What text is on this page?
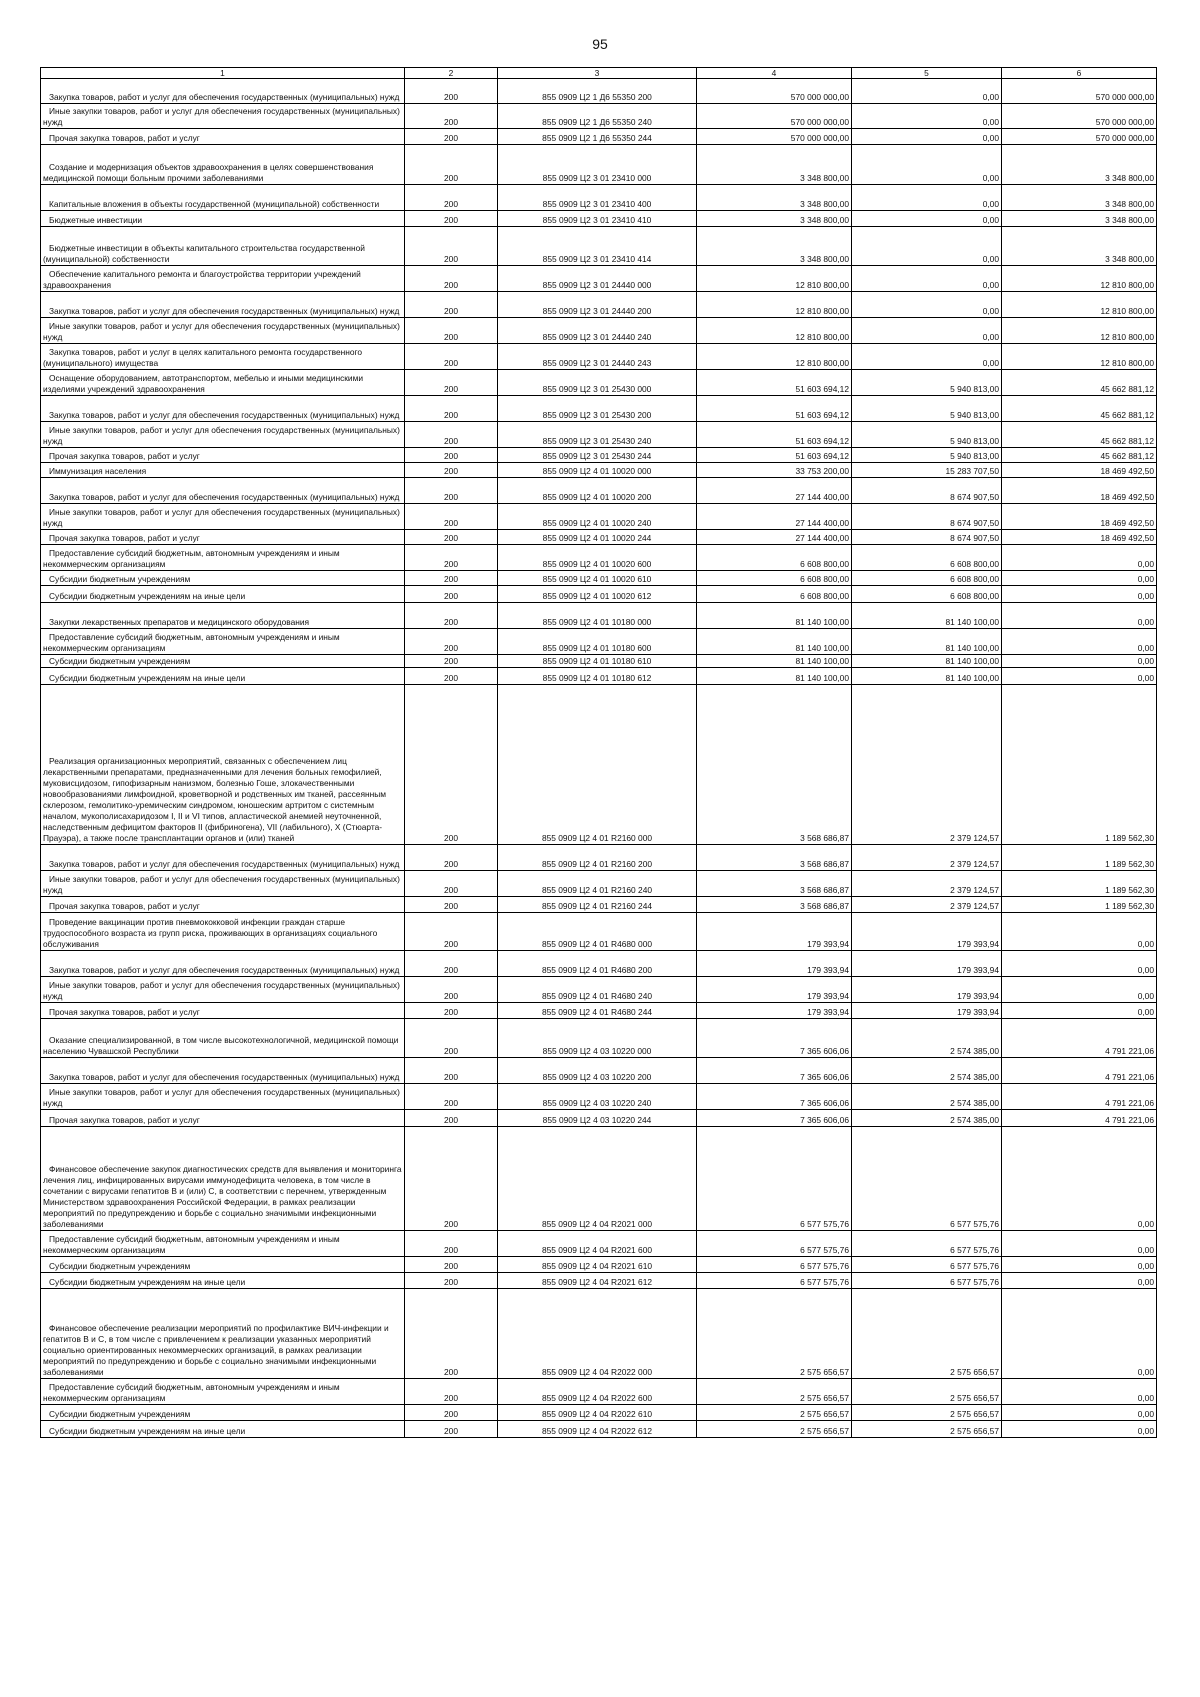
95
1	2	3	4	5	6

Закупка товаров, работ и услуг для обеспечения государственных (муниципальных) нужд	200	855 0909 Ц2 1 Д6 55350 200	570 000 000,00	0,00	570 000 000,00

Иные закупки товаров, работ и услуг для обеспечения государственных (муниципальных) нужд	200	855 0909 Ц2 1 Д6 55350 240	570 000 000,00	0,00	570 000 000,00

Прочая закупка товаров, работ и услуг	200	855 0909 Ц2 1 Д6 55350 244	570 000 000,00	0,00	570 000 000,00

Создание и модернизация объектов здравоохранения в целях совершенствования медицинской помощи больным прочими заболеваниями	200	855 0909 Ц2 3 01 23410 000	3 348 800,00	0,00	3 348 800,00

Капитальные вложения в объекты государственной (муниципальной) собственности	200	855 0909 Ц2 3 01 23410 400	3 348 800,00	0,00	3 348 800,00

Бюджетные инвестиции	200	855 0909 Ц2 3 01 23410 410	3 348 800,00	0,00	3 348 800,00

Бюджетные инвестиции в объекты капитального строительства государственной (муниципальной) собственности	200	855 0909 Ц2 3 01 23410 414	3 348 800,00	0,00	3 348 800,00

Обеспечение капитального ремонта и благоустройства территории учреждений здравоохранения	200	855 0909 Ц2 3 01 24440 000	12 810 800,00	0,00	12 810 800,00

Закупка товаров, работ и услуг для обеспечения государственных (муниципальных) нужд	200	855 0909 Ц2 3 01 24440 200	12 810 800,00	0,00	12 810 800,00

Иные закупки товаров, работ и услуг для обеспечения государственных (муниципальных) нужд	200	855 0909 Ц2 3 01 24440 240	12 810 800,00	0,00	12 810 800,00

Закупка товаров, работ и услуг в целях капитального ремонта государственного (муниципального) имущества	200	855 0909 Ц2 3 01 24440 243	12 810 800,00	0,00	12 810 800,00

Оснащение оборудованием, автотранспортом, мебелью и иными медицинскими изделиями учреждений здравоохранения	200	855 0909 Ц2 3 01 25430 000	51 603 694,12	5 940 813,00	45 662 881,12

Закупка товаров, работ и услуг для обеспечения государственных (муниципальных) нужд	200	855 0909 Ц2 3 01 25430 200	51 603 694,12	5 940 813,00	45 662 881,12

Иные закупки товаров, работ и услуг для обеспечения государственных (муниципальных) нужд	200	855 0909 Ц2 3 01 25430 240	51 603 694,12	5 940 813,00	45 662 881,12

Прочая закупка товаров, работ и услуг	200	855 0909 Ц2 3 01 25430 244	51 603 694,12	5 940 813,00	45 662 881,12

Иммунизация населения	200	855 0909 Ц2 4 01 10020 000	33 753 200,00	15 283 707,50	18 469 492,50

Закупка товаров, работ и услуг для обеспечения государственных (муниципальных) нужд	200	855 0909 Ц2 4 01 10020 200	27 144 400,00	8 674 907,50	18 469 492,50

Иные закупки товаров, работ и услуг для обеспечения государственных (муниципальных) нужд	200	855 0909 Ц2 4 01 10020 240	27 144 400,00	8 674 907,50	18 469 492,50

Прочая закупка товаров, работ и услуг	200	855 0909 Ц2 4 01 10020 244	27 144 400,00	8 674 907,50	18 469 492,50

Предоставление субсидий бюджетным, автономным учреждениям и иным некоммерческим организациям	200	855 0909 Ц2 4 01 10020 600	6 608 800,00	6 608 800,00	0,00

Субсидии бюджетным учреждениям	200	855 0909 Ц2 4 01 10020 610	6 608 800,00	6 608 800,00	0,00

Субсидии бюджетным учреждениям на иные цели	200	855 0909 Ц2 4 01 10020 612	6 608 800,00	6 608 800,00	0,00

Закупки лекарственных препаратов и медицинского оборудования	200	855 0909 Ц2 4 01 10180 000	81 140 100,00	81 140 100,00	0,00

Предоставление субсидий бюджетным, автономным учреждениям и иным некоммерческим организациям	200	855 0909 Ц2 4 01 10180 600	81 140 100,00	81 140 100,00	0,00

Субсидии бюджетным учреждениям	200	855 0909 Ц2 4 01 10180 610	81 140 100,00	81 140 100,00	0,00

Субсидии бюджетным учреждениям на иные цели	200	855 0909 Ц2 4 01 10180 612	81 140 100,00	81 140 100,00	0,00

Реализация организационных мероприятий, связанных с обеспечением лиц лекарственными препаратами, предназначенными для лечения больных гемофилией, муковисцидозом, гипофизарным нанизмом, болезнью Гоше, злокачественными новообразованиями лимфоидной, кроветворной и родственных им тканей, рассеянным склерозом, гемолитико-уремическим синдромом, юношеским артритом с системным началом, мукополисахаридозом I, II и VI типов, апластической анемией неуточненной, наследственным дефицитом факторов II (фибриногена), VII (лабильного), X (Стюарта-Прауэра), а также после трансплантации органов и (или) тканей	200	855 0909 Ц2 4 01 R2160 000	3 568 686,87	2 379 124,57	1 189 562,30

Закупка товаров, работ и услуг для обеспечения государственных (муниципальных) нужд	200	855 0909 Ц2 4 01 R2160 200	3 568 686,87	2 379 124,57	1 189 562,30

Иные закупки товаров, работ и услуг для обеспечения государственных (муниципальных) нужд	200	855 0909 Ц2 4 01 R2160 240	3 568 686,87	2 379 124,57	1 189 562,30

Прочая закупка товаров, работ и услуг	200	855 0909 Ц2 4 01 R2160 244	3 568 686,87	2 379 124,57	1 189 562,30

Проведение вакцинации против пневмококковой инфекции граждан старше трудоспособного возраста из групп риска, проживающих в организациях социального обслуживания	200	855 0909 Ц2 4 01 R4680 000	179 393,94	179 393,94	0,00

Закупка товаров, работ и услуг для обеспечения государственных (муниципальных) нужд	200	855 0909 Ц2 4 01 R4680 200	179 393,94	179 393,94	0,00

Иные закупки товаров, работ и услуг для обеспечения государственных (муниципальных) нужд	200	855 0909 Ц2 4 01 R4680 240	179 393,94	179 393,94	0,00

Прочая закупка товаров, работ и услуг	200	855 0909 Ц2 4 01 R4680 244	179 393,94	179 393,94	0,00

Оказание специализированной, в том числе высокотехнологичной, медицинской помощи населению Чувашской Республики	200	855 0909 Ц2 4 03 10220 000	7 365 606,06	2 574 385,00	4 791 221,06

Закупка товаров, работ и услуг для обеспечения государственных (муниципальных) нужд	200	855 0909 Ц2 4 03 10220 200	7 365 606,06	2 574 385,00	4 791 221,06

Иные закупки товаров, работ и услуг для обеспечения государственных (муниципальных) нужд	200	855 0909 Ц2 4 03 10220 240	7 365 606,06	2 574 385,00	4 791 221,06

Прочая закупка товаров, работ и услуг	200	855 0909 Ц2 4 03 10220 244	7 365 606,06	2 574 385,00	4 791 221,06

Финансовое обеспечение закупок диагностических средств для выявления и мониторинга лечения лиц, инфицированных вирусами иммунодефицита человека, в том числе в сочетании с вирусами гепатитов В и (или) С, в соответствии с перечнем, утвержденным Министерством здравоохранения Российской Федерации, в рамках реализации мероприятий по предупреждению и борьбе с социально значимыми инфекционными заболеваниями	200	855 0909 Ц2 4 04 R2021 000	6 577 575,76	6 577 575,76	0,00

Предоставление субсидий бюджетным, автономным учреждениям и иным некоммерческим организациям	200	855 0909 Ц2 4 04 R2021 600	6 577 575,76	6 577 575,76	0,00

Субсидии бюджетным учреждениям	200	855 0909 Ц2 4 04 R2021 610	6 577 575,76	6 577 575,76	0,00

Субсидии бюджетным учреждениям на иные цели	200	855 0909 Ц2 4 04 R2021 612	6 577 575,76	6 577 575,76	0,00

Финансовое обеспечение реализации мероприятий по профилактике ВИЧ-инфекции и гепатитов В и С, в том числе с привлечением к реализации указанных мероприятий социально ориентированных некоммерческих организаций, в рамках реализации мероприятий по предупреждению и борьбе с социально значимыми инфекционными заболеваниями	200	855 0909 Ц2 4 04 R2022 000	2 575 656,57	2 575 656,57	0,00

Предоставление субсидий бюджетным, автономным учреждениям и иным некоммерческим организациям	200	855 0909 Ц2 4 04 R2022 600	2 575 656,57	2 575 656,57	0,00

Субсидии бюджетным учреждениям	200	855 0909 Ц2 4 04 R2022 610	2 575 656,57	2 575 656,57	0,00

Субсидии бюджетным учреждениям на иные цели	200	855 0909 Ц2 4 04 R2022 612	2 575 656,57	2 575 656,57	0,00
